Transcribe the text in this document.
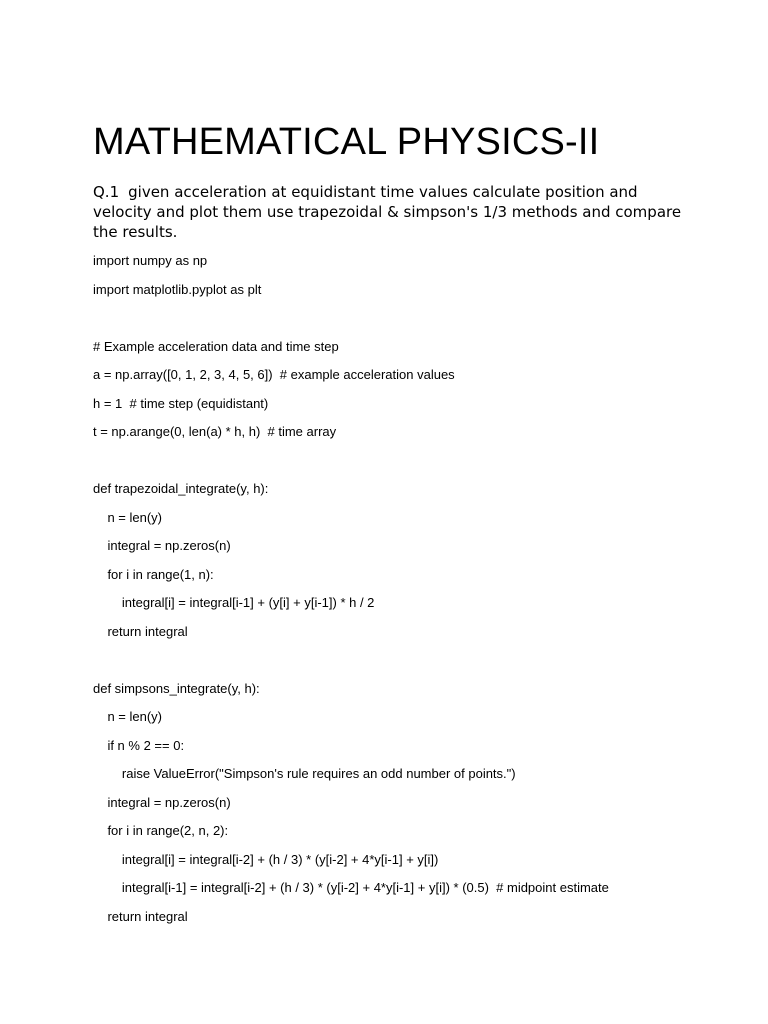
MATHEMATICAL PHYSICS-II

Q.1 given acceleration at equidistant time values calculate position and velocity and plot them use trapezoidal & simpson's 1/3 methods and compare the results.

import numpy as np
import matplotlib.pyplot as plt
# Example acceleration data and time step
a = np.array([0, 1, 2, 3, 4, 5, 6])  # example acceleration values
h = 1  # time step (equidistant)
t = np.arange(0, len(a) * h, h)  # time array
def trapezoidal_integrate(y, h):
n = len(y)
integral = np.zeros(n)
for i in range(1, n):
integral[i] = integral[i-1] + (y[i] + y[i-1]) * h / 2
return integral
def simpsons_integrate(y, h):
n = len(y)
if n % 2 == 0:
raise ValueError("Simpson's rule requires an odd number of points.")
integral = np.zeros(n)
for i in range(2, n, 2):
integral[i] = integral[i-2] + (h / 3) * (y[i-2] + 4*y[i-1] + y[i])
integral[i-1] = integral[i-2] + (h / 3) * (y[i-2] + 4*y[i-1] + y[i]) * (0.5)  # midpoint estimate
return integral
